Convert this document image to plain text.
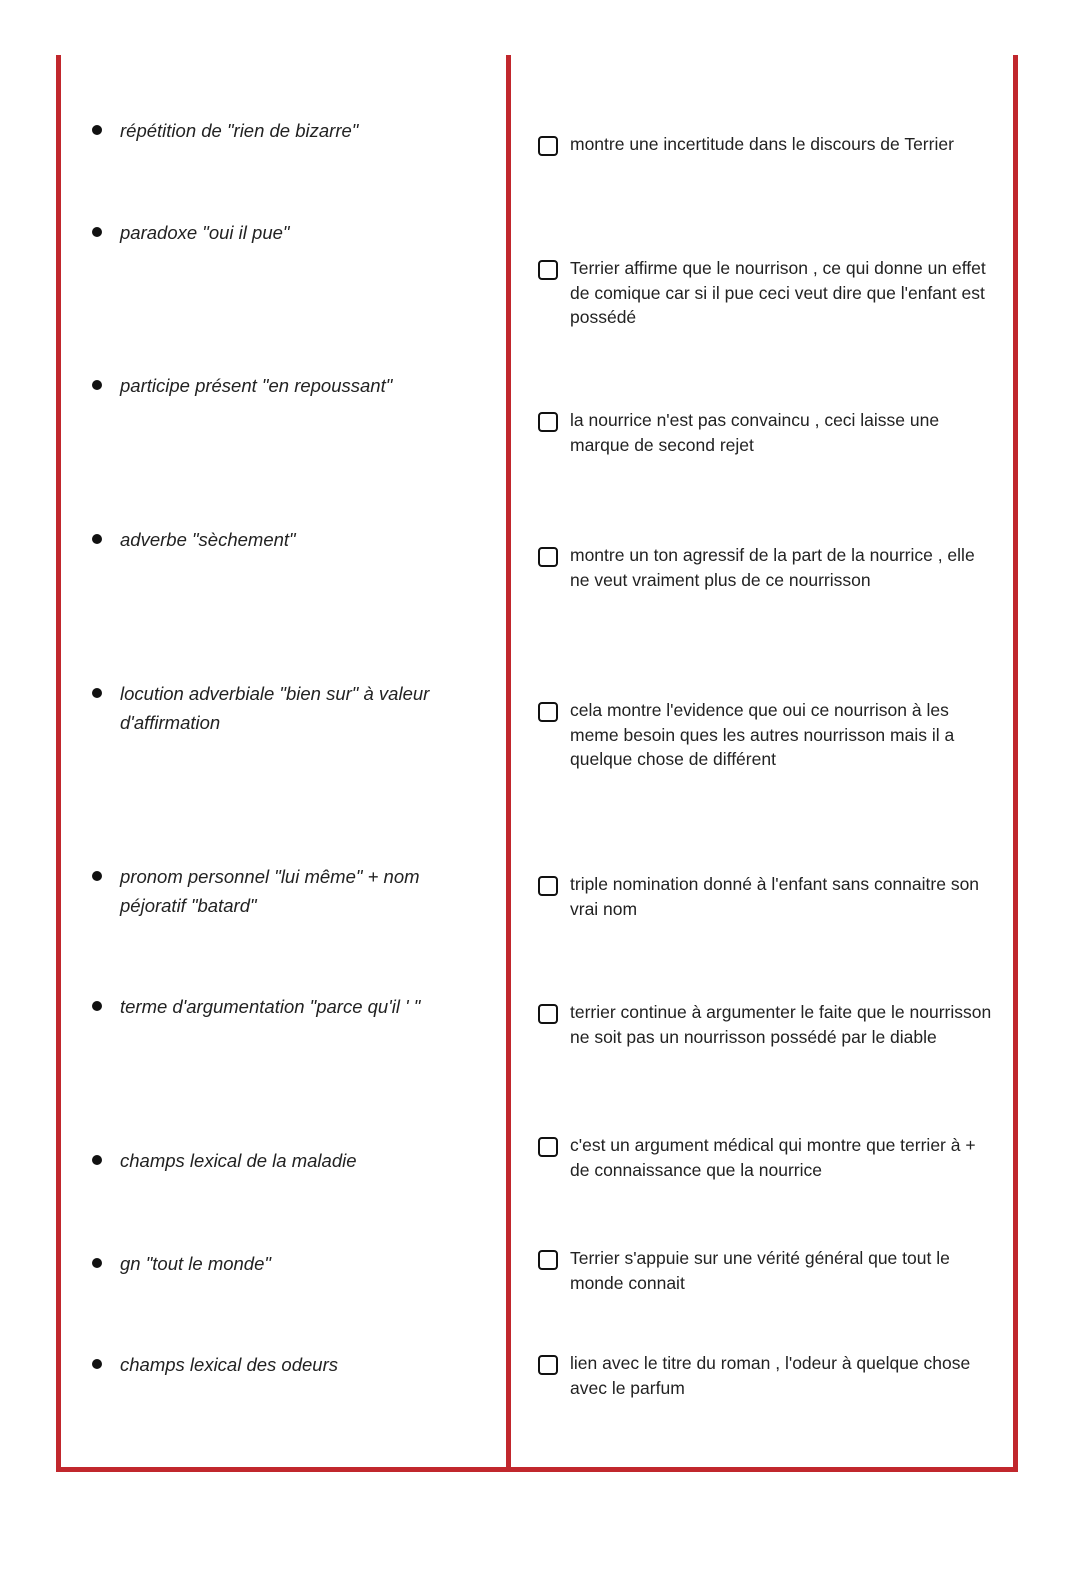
répétition de "rien de bizarre"
paradoxe "oui il pue"
participe présent "en repoussant"
adverbe "sèchement"
locution adverbiale "bien sur" à valeur d'affirmation
pronom personnel "lui même" + nom péjoratif "batard"
terme d'argumentation "parce qu'il ' "
champs lexical de la maladie
gn "tout le monde"
champs lexical des odeurs
montre une incertitude dans le discours de Terrier
Terrier affirme que le nourrison , ce qui donne un effet de comique car si il pue ceci veut dire que l'enfant est possédé
la nourrice n'est pas convaincu , ceci laisse une marque de second rejet
montre un ton agressif de la part de la nourrice , elle ne veut vraiment plus de ce nourrisson
cela montre l'evidence que oui ce nourrison à les meme besoin ques les autres nourrisson mais il a quelque chose de différent
triple nomination donné à l'enfant sans connaitre son vrai nom
terrier continue à argumenter le faite que le nourrisson ne soit pas un nourrisson possédé par le diable
c'est un argument médical qui montre que terrier à + de connaissance que la nourrice
Terrier s'appuie sur une vérité général que tout le monde connait
lien avec le titre du roman , l'odeur à quelque chose avec le parfum
